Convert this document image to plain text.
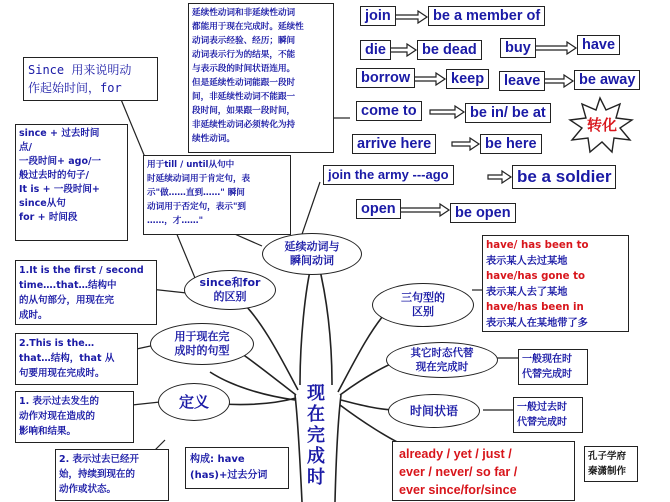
延续性动词和非延续性动词
都能用于现在完成时。延续性
动词表示经验、经历；瞬间
动词表示行为的结果，不能
与表示段的时间状语连用。
但是延续性动词能跟一段时
间，非延续性动词不能跟一
段时间，如果跟一段时间，
非延续性动词必须转化为持
续性动词。
Since 用来说明动
作起始时间，for
since + 过去时间
点/
一段时间+ ago/一
般过去时的句子/
It is + 一段时间+
since从句
for + 时间段
用于till / until从句中
时延续动词用于肯定句，表
示"做……直到……" 瞬间
动词用于否定句，表示"到
……，才……"
1.It is the first / second
time….that…结构中
的从句部分，用现在完
成时。
2.This is the…
that…结构，that 从
句要用现在完成时。
1. 表示过去发生的
动作对现在造成的
影响和结果。
2. 表示过去已经开
始，持续到现在的
动作或状态。
构成: have
(has)+过去分词
join	be a member of
die	be dead	buy	have
borrow	keep	leave	be away
come to	be in/ be at
arrive here	be here
join the army ---ago	be a soldier
open	be open
转化
have/ has been to
表示某人去过某地
have/has gone to
表示某人去了某地
have/has been in
表示某人在某地带了多
一般现在时
代替完成时
一般过去时
代替完成时
already / yet / just /
ever / never/ so far /
ever since/for/since
孔子学府
秦潇制作
延续动词与
瞬间动词
since和for
的区别	三句型的
区别
用于现在完
成时的句型	其它时态代替
现在完成时
定义	时间状语
现在完成时
